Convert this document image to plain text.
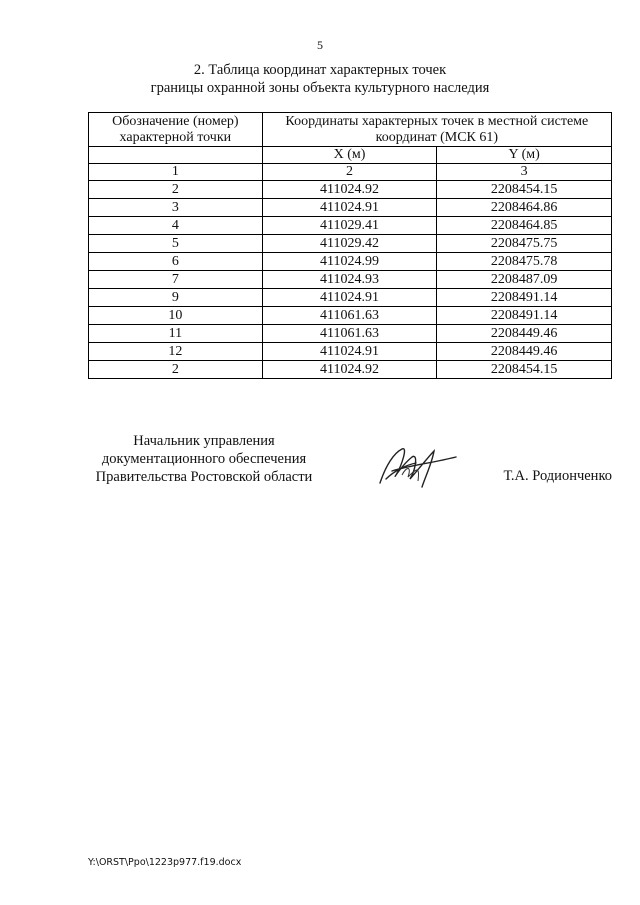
5
2. Таблица координат характерных точек
границы охранной зоны объекта культурного наследия
Обозначение (номер) характерной точки	Координаты характерных точек в местной системе координат (МСК 61)	

	X (м)	Y (м)
1	2	3
2	411024.92	2208454.15
3	411024.91	2208464.86
4	411029.41	2208464.85
5	411029.42	2208475.75
6	411024.99	2208475.78
7	411024.93	2208487.09
9	411024.91	2208491.14
10	411061.63	2208491.14
11	411061.63	2208449.46
12	411024.91	2208449.46
2	411024.92	2208454.15
Начальник управления
документационного обеспечения
Правительства Ростовской области	Т.А. Родионченко
Y:\ORST\Ppo\1223p977.f19.docx
